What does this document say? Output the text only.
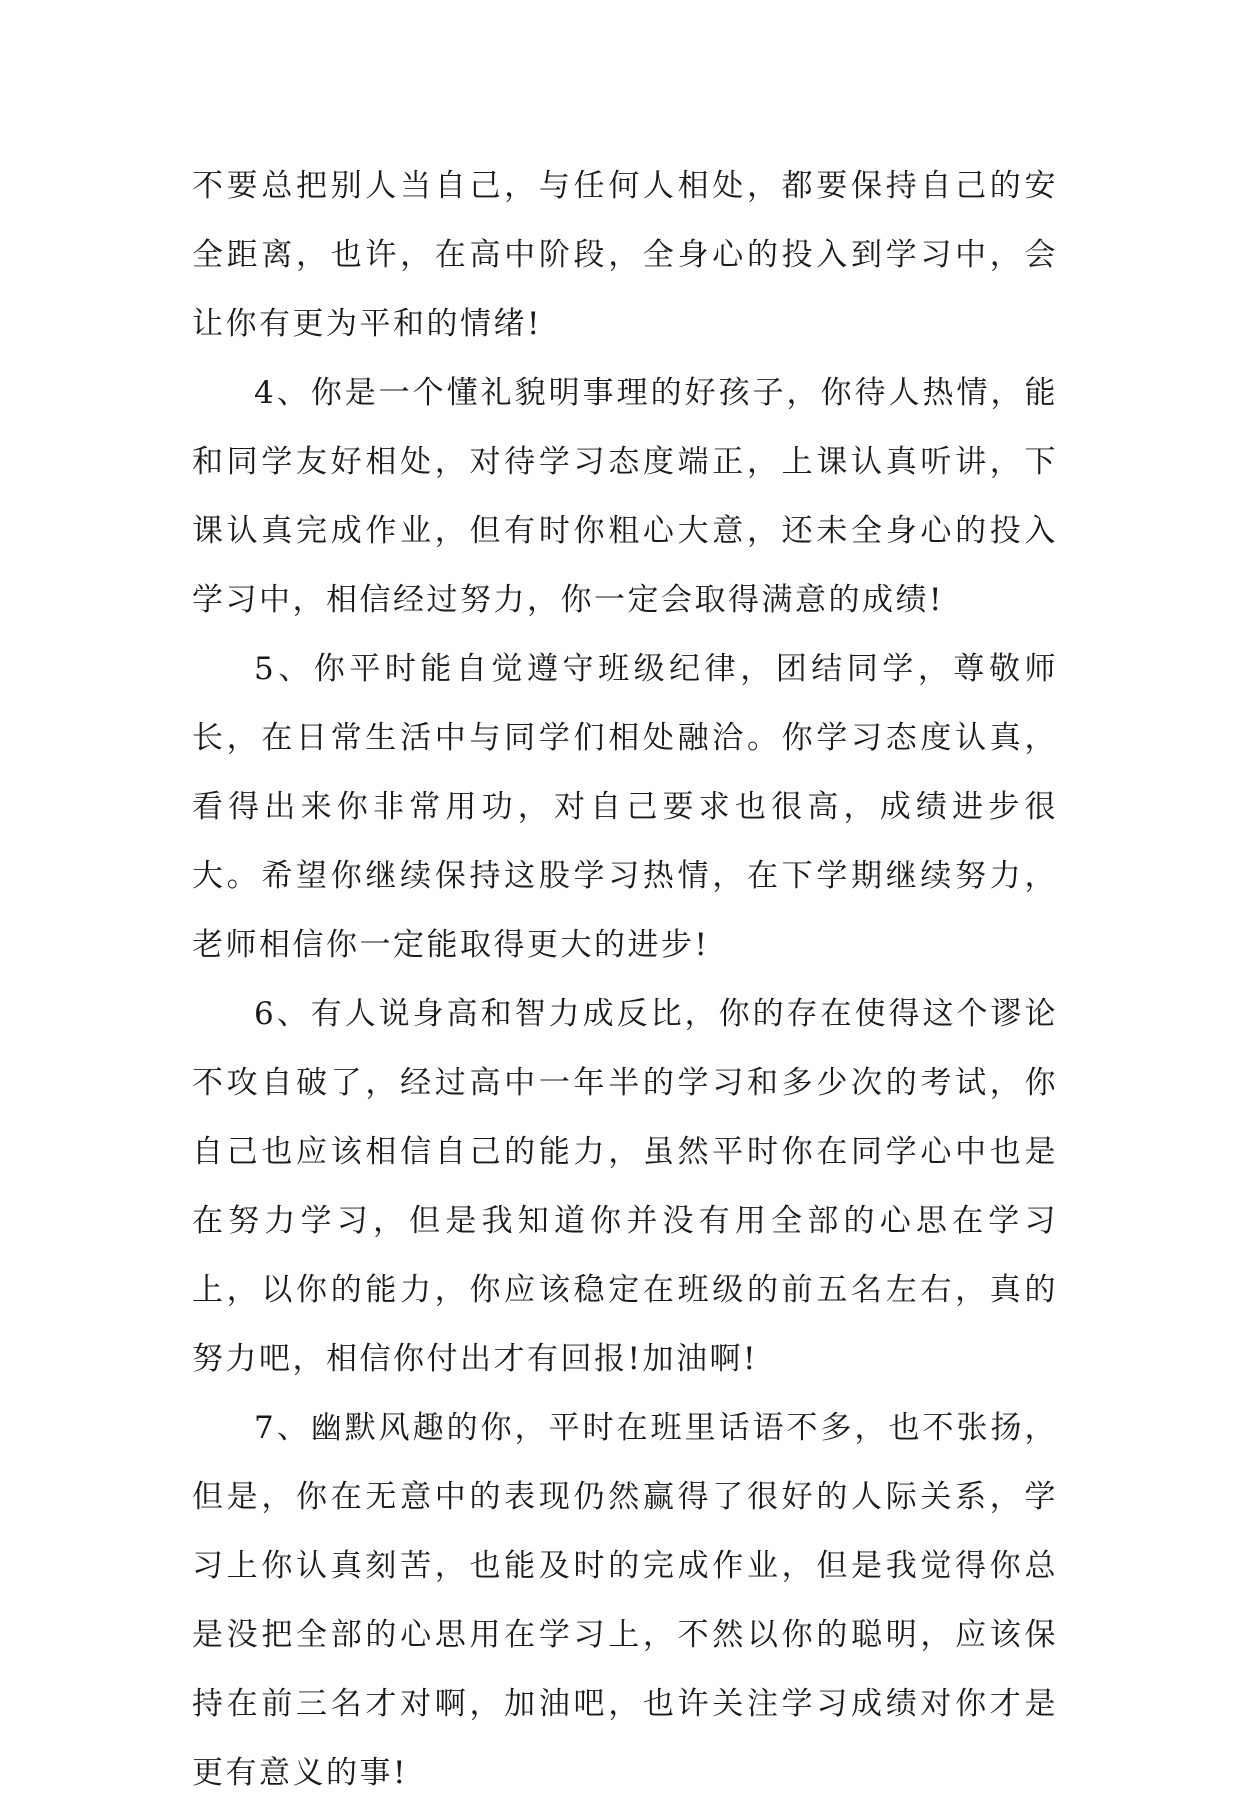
不要总把别人当自己，与任何人相处，都要保持自己的安全距离，也许，在高中阶段，全身心的投入到学习中，会让你有更为平和的情绪!

4、你是一个懂礼貌明事理的好孩子，你待人热情，能和同学友好相处，对待学习态度端正，上课认真听讲，下课认真完成作业，但有时你粗心大意，还未全身心的投入学习中，相信经过努力，你一定会取得满意的成绩!

5、你平时能自觉遵守班级纪律，团结同学，尊敬师长，在日常生活中与同学们相处融洽。你学习态度认真，看得出来你非常用功，对自己要求也很高，成绩进步很大。希望你继续保持这股学习热情，在下学期继续努力，老师相信你一定能取得更大的进步!

6、有人说身高和智力成反比，你的存在使得这个谬论不攻自破了，经过高中一年半的学习和多少次的考试，你自己也应该相信自己的能力，虽然平时你在同学心中也是在努力学习，但是我知道你并没有用全部的心思在学习上，以你的能力，你应该稳定在班级的前五名左右，真的努力吧，相信你付出才有回报!加油啊!

7、幽默风趣的你，平时在班里话语不多，也不张扬，但是，你在无意中的表现仍然赢得了很好的人际关系，学习上你认真刻苦，也能及时的完成作业，但是我觉得你总是没把全部的心思用在学习上，不然以你的聪明，应该保持在前三名才对啊，加油吧，也许关注学习成绩对你才是更有意义的事!
